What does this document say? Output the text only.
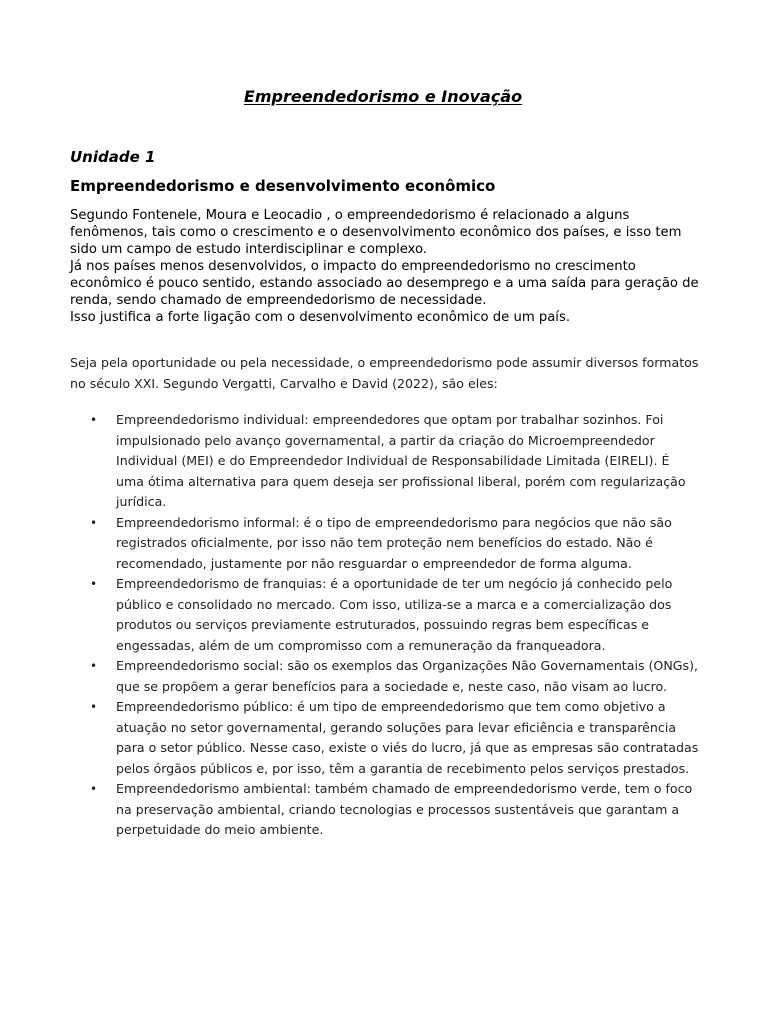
Empreendedorismo e Inovação
Unidade 1
Empreendedorismo e desenvolvimento econômico

Segundo Fontenele, Moura e Leocadio , o empreendedorismo é relacionado a alguns fenômenos, tais como o crescimento e o desenvolvimento econômico dos países, e isso tem sido um campo de estudo interdisciplinar e complexo.

Já nos países menos desenvolvidos, o impacto do empreendedorismo no crescimento econômico é pouco sentido, estando associado ao desemprego e a uma saída para geração de renda, sendo chamado de empreendedorismo de necessidade.

Isso justifica a forte ligação com o desenvolvimento econômico de um país.

Seja pela oportunidade ou pela necessidade, o empreendedorismo pode assumir diversos formatos no século XXI. Segundo Vergatti, Carvalho e David (2022), são eles:

• Empreendedorismo individual: empreendedores que optam por trabalhar sozinhos. Foi impulsionado pelo avanço governamental, a partir da criação do Microempreendedor Individual (MEI) e do Empreendedor Individual de Responsabilidade Limitada (EIRELI). É uma ótima alternativa para quem deseja ser profissional liberal, porém com regularização jurídica.
• Empreendedorismo informal: é o tipo de empreendedorismo para negócios que não são registrados oficialmente, por isso não tem proteção nem benefícios do estado. Não é recomendado, justamente por não resguardar o empreendedor de forma alguma.
• Empreendedorismo de franquias: é a oportunidade de ter um negócio já conhecido pelo público e consolidado no mercado. Com isso, utiliza-se a marca e a comercialização dos produtos ou serviços previamente estruturados, possuindo regras bem específicas e engessadas, além de um compromisso com a remuneração da franqueadora.
• Empreendedorismo social: são os exemplos das Organizações Não Governamentais (ONGs), que se propõem a gerar benefícios para a sociedade e, neste caso, não visam ao lucro.
• Empreendedorismo público: é um tipo de empreendedorismo que tem como objetivo a atuação no setor governamental, gerando soluções para levar eficiência e transparência para o setor público. Nesse caso, existe o viés do lucro, já que as empresas são contratadas pelos órgãos públicos e, por isso, têm a garantia de recebimento pelos serviços prestados.
• Empreendedorismo ambiental: também chamado de empreendedorismo verde, tem o foco na preservação ambiental, criando tecnologias e processos sustentáveis que garantam a perpetuidade do meio ambiente.
